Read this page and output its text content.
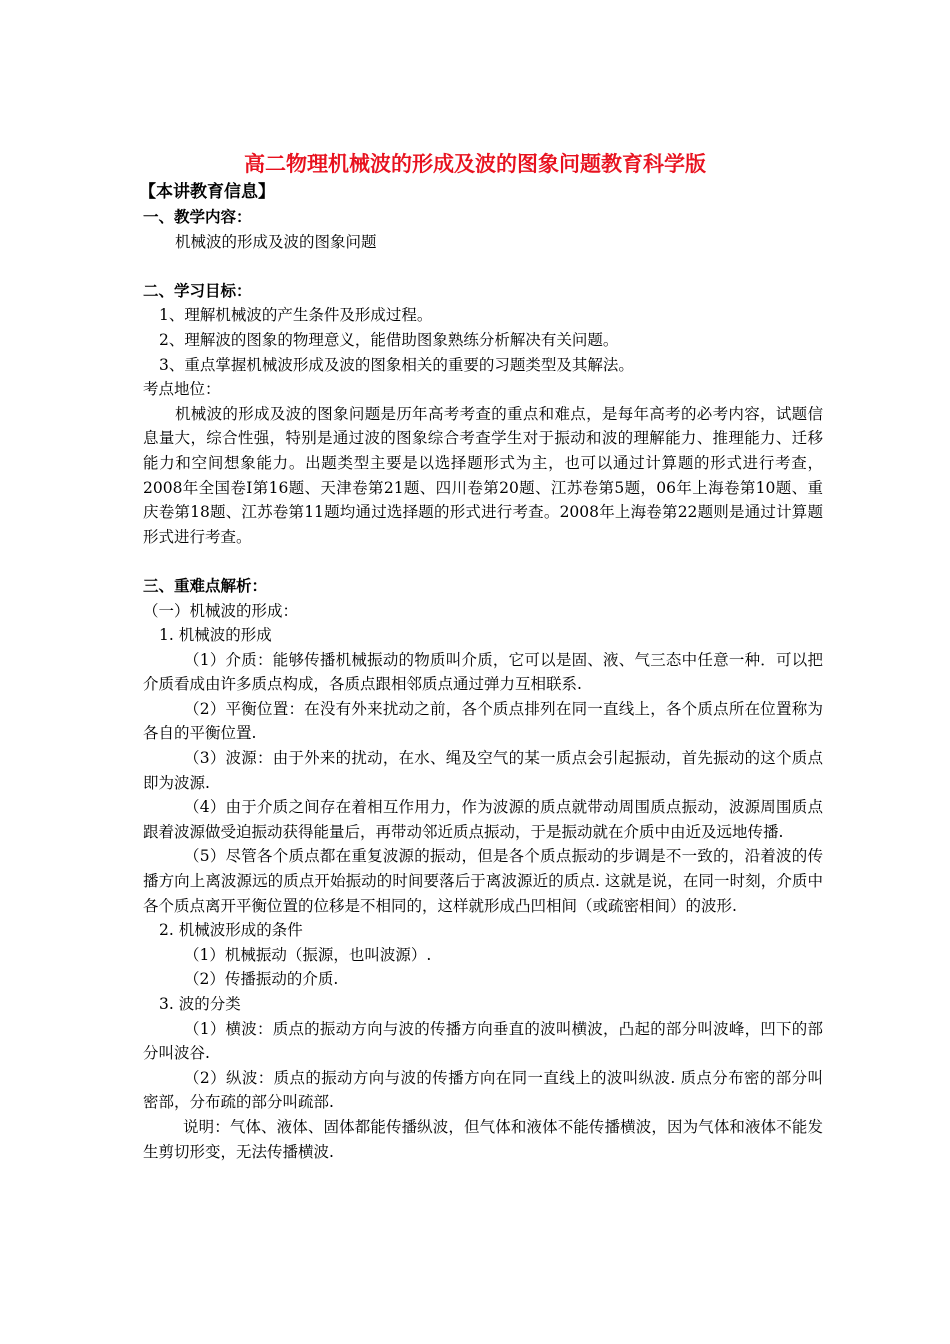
高二物理机械波的形成及波的图象问题教育科学版

【本讲教育信息】

一、教学内容：

机械波的形成及波的图象问题

二、学习目标：

1、理解机械波的产生条件及形成过程。

2、理解波的图象的物理意义，能借助图象熟练分析解决有关问题。

3、重点掌握机械波形成及波的图象相关的重要的习题类型及其解法。

考点地位：

机械波的形成及波的图象问题是历年高考考查的重点和难点，是每年高考的必考内容，试题信息量大，综合性强，特别是通过波的图象综合考查学生对于振动和波的理解能力、推理能力、迁移能力和空间想象能力。出题类型主要是以选择题形式为主，也可以通过计算题的形式进行考查，2008年全国卷Ⅰ第16题、天津卷第21题、四川卷第20题、江苏卷第5题，06年上海卷第10题、重庆卷第18题、江苏卷第11题均通过选择题的形式进行考查。2008年上海卷第22题则是通过计算题形式进行考查。

三、重难点解析：

（一）机械波的形成：

1. 机械波的形成

（1）介质：能够传播机械振动的物质叫介质，它可以是固、液、气三态中任意一种．可以把介质看成由许多质点构成，各质点跟相邻质点通过弹力互相联系.

（2）平衡位置：在没有外来扰动之前，各个质点排列在同一直线上，各个质点所在位置称为各自的平衡位置.

（3）波源：由于外来的扰动，在水、绳及空气的某一质点会引起振动，首先振动的这个质点即为波源.

（4）由于介质之间存在着相互作用力，作为波源的质点就带动周围质点振动，波源周围质点跟着波源做受迫振动获得能量后，再带动邻近质点振动，于是振动就在介质中由近及远地传播.

（5）尽管各个质点都在重复波源的振动，但是各个质点振动的步调是不一致的，沿着波的传播方向上离波源远的质点开始振动的时间要落后于离波源近的质点. 这就是说，在同一时刻，介质中各个质点离开平衡位置的位移是不相同的，这样就形成凸凹相间（或疏密相间）的波形.

2. 机械波形成的条件

（1）机械振动（振源，也叫波源）.

（2）传播振动的介质.

3. 波的分类

（1）横波：质点的振动方向与波的传播方向垂直的波叫横波，凸起的部分叫波峰，凹下的部分叫波谷.

（2）纵波：质点的振动方向与波的传播方向在同一直线上的波叫纵波. 质点分布密的部分叫密部，分布疏的部分叫疏部.

说明：气体、液体、固体都能传播纵波，但气体和液体不能传播横波，因为气体和液体不能发生剪切形变，无法传播横波.
